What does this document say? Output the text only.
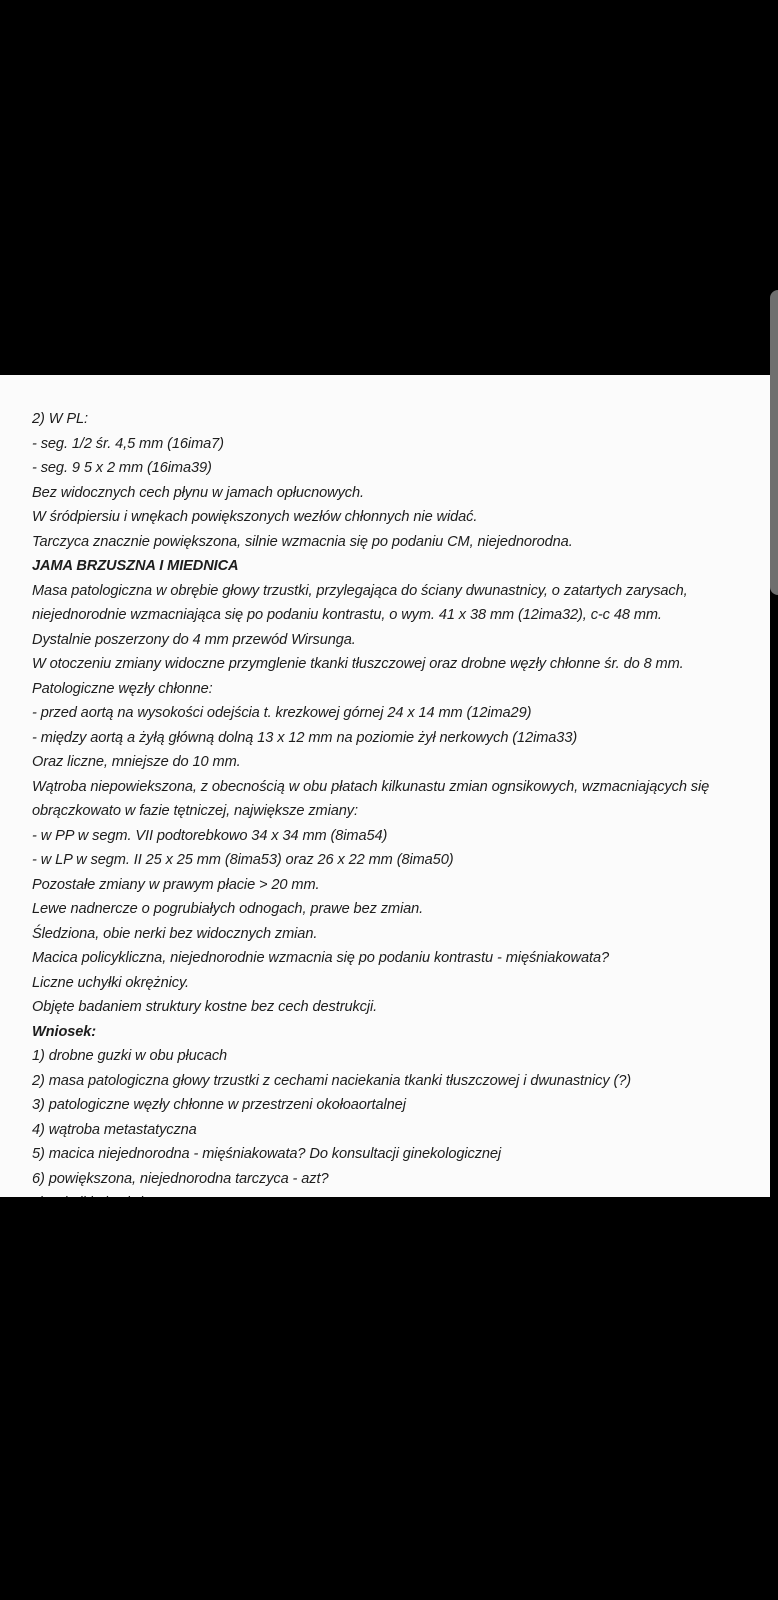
2) W PL:
- seg. 1/2 śr. 4,5 mm (16ima7)
- seg. 9 5 x 2 mm (16ima39)
Bez widocznych cech płynu w jamach opłucnowych.
W śródpiersiu i wnękach powiększonych wezłów chłonnych nie widać.
Tarczyca znacznie powiększona, silnie wzmacnia się po podaniu CM, niejednorodna.
JAMA BRZUSZNA I MIEDNICA
Masa patologiczna w obrębie głowy trzustki, przylegająca do ściany dwunastnicy, o zatartych zarysach,
niejednorodnie wzmacniająca się po podaniu kontrastu, o wym. 41 x 38 mm (12ima32), c-c 48 mm.
Dystalnie poszerzony do 4 mm przewód Wirsunga.
W otoczeniu zmiany widoczne przymglenie tkanki tłuszczowej oraz drobne węzły chłonne śr. do 8 mm.
Patologiczne węzły chłonne:
- przed aortą na wysokości odejścia t. krezkowej górnej 24 x 14 mm (12ima29)
- między aortą a żyłą główną dolną 13 x 12 mm na poziomie żył nerkowych (12ima33)
Oraz liczne, mniejsze do 10 mm.
Wątroba niepowiekszona, z obecnością w obu płatach kilkunastu zmian ognsikowych, wzmacniających się
obrączkowato w fazie tętniczej, największe zmiany:
- w PP w segm. VII podtorebkowo 34 x 34 mm (8ima54)
- w LP w segm. II 25 x 25 mm (8ima53) oraz 26 x 22 mm (8ima50)
Pozostałe zmiany w prawym płacie > 20 mm.
Lewe nadnercze o pogrubiałych odnogach, prawe bez zmian.
Śledziona, obie nerki bez widocznych zmian.
Macica policykliczna, niejednorodnie wzmacnia się po podaniu kontrastu - mięśniakowata?
Liczne uchyłki okrężnicy.
Objęte badaniem struktury kostne bez cech destrukcji.
Wniosek:
1) drobne guzki w obu płucach
2) masa patologiczna głowy trzustki z cechami naciekania tkanki tłuszczowej i dwunastnicy (?)
3) patologiczne węzły chłonne w przestrzeni okołoaortalnej
4) wątroba metastatyczna
5) macica niejednorodna - mięśniakowata? Do konsultacji ginekologicznej
6) powiększona, niejednorodna tarczyca - azt?
